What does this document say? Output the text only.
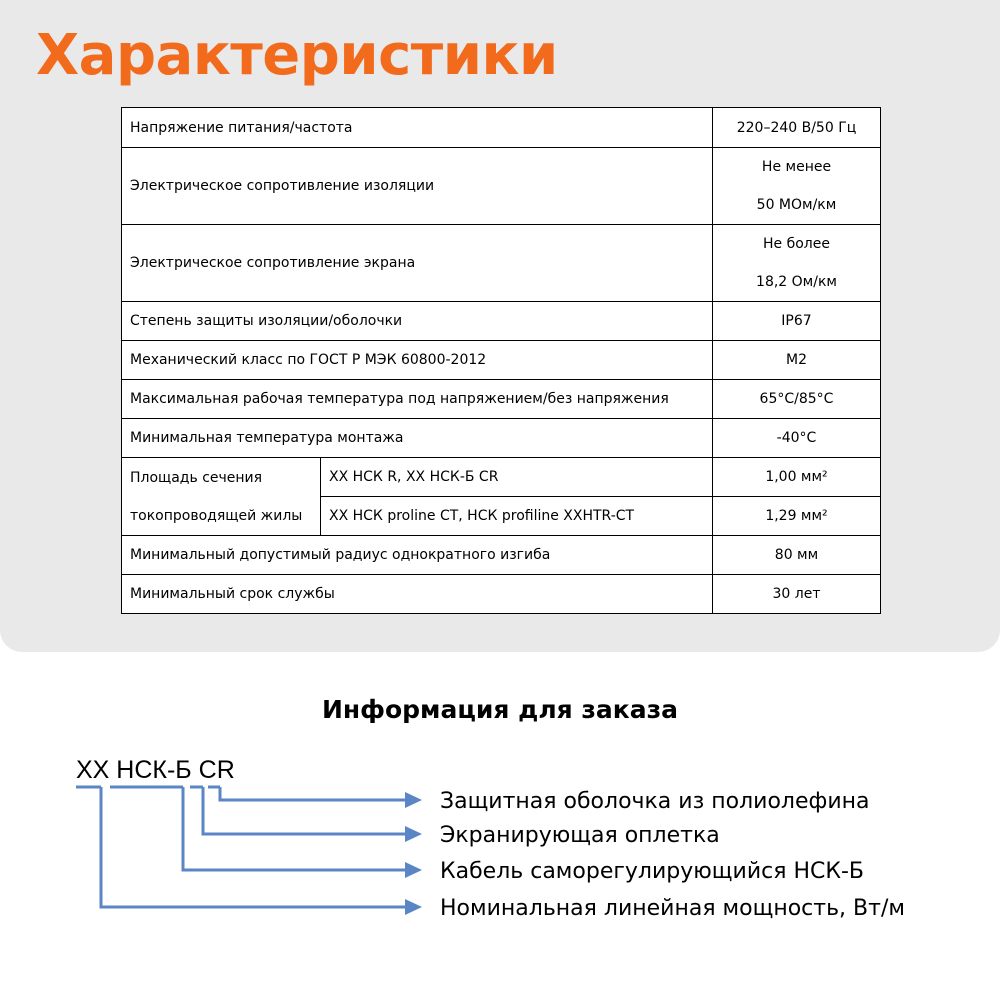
Характеристики
Напряжение питания/частота		220–240 В/50 Гц
Электрическое сопротивление изоляции		Не менее
50 МОм/км

Электрическое сопротивление экрана		Не более
18,2 Ом/км

Степень защиты изоляции/оболочки		IP67
Механический класс по ГОСТ Р МЭК 60800-2012		М2
Максимальная рабочая температура под напряжением/без напряжения		65°С/85°С
Минимальная температура монтажа		-40°С

Площадь сечения
токопроводящей жилы	ХХ НСК R, ХХ НСК-Б CR	1,00 мм²
	ХХ НСК proline CT, НСК profiline XXHTR-CT	1,29 мм²
Минимальный допустимый радиус однократного изгиба		80 мм
Минимальный срок службы		30 лет
Информация для заказа
ХХ НСК-Б CR
Защитная оболочка из полиолефина
Экранирующая оплетка
Кабель саморегулирующийся НСК-Б
Номинальная линейная мощность, Вт/м
